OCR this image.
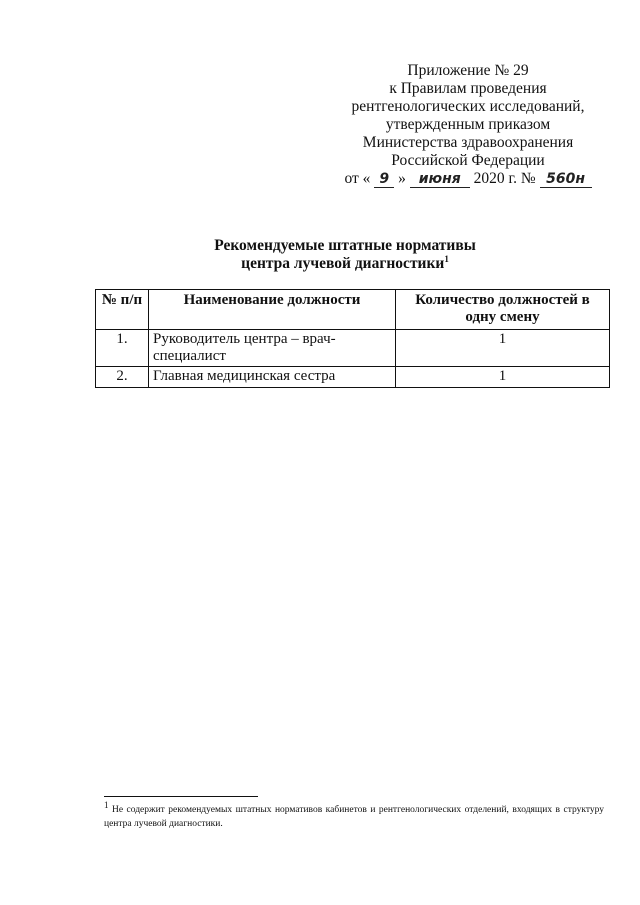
Приложение № 29
к Правилам проведения
рентгенологических исследований,
утвержденным приказом
Министерства здравоохранения
Российской Федерации
от « 9 » июня 2020 г. № 560н
Рекомендуемые штатные нормативы
центра лучевой диагностики$^1$
№ п/п	Наименование должности	Количество должностей в одну смену
1.	Руководитель центра – врач-специалист	1
2.	Главная медицинская сестра	1
$^1$ Не содержит рекомендуемых штатных нормативов кабинетов и рентгенологических отделений, входящих в структуру центра лучевой диагностики.
